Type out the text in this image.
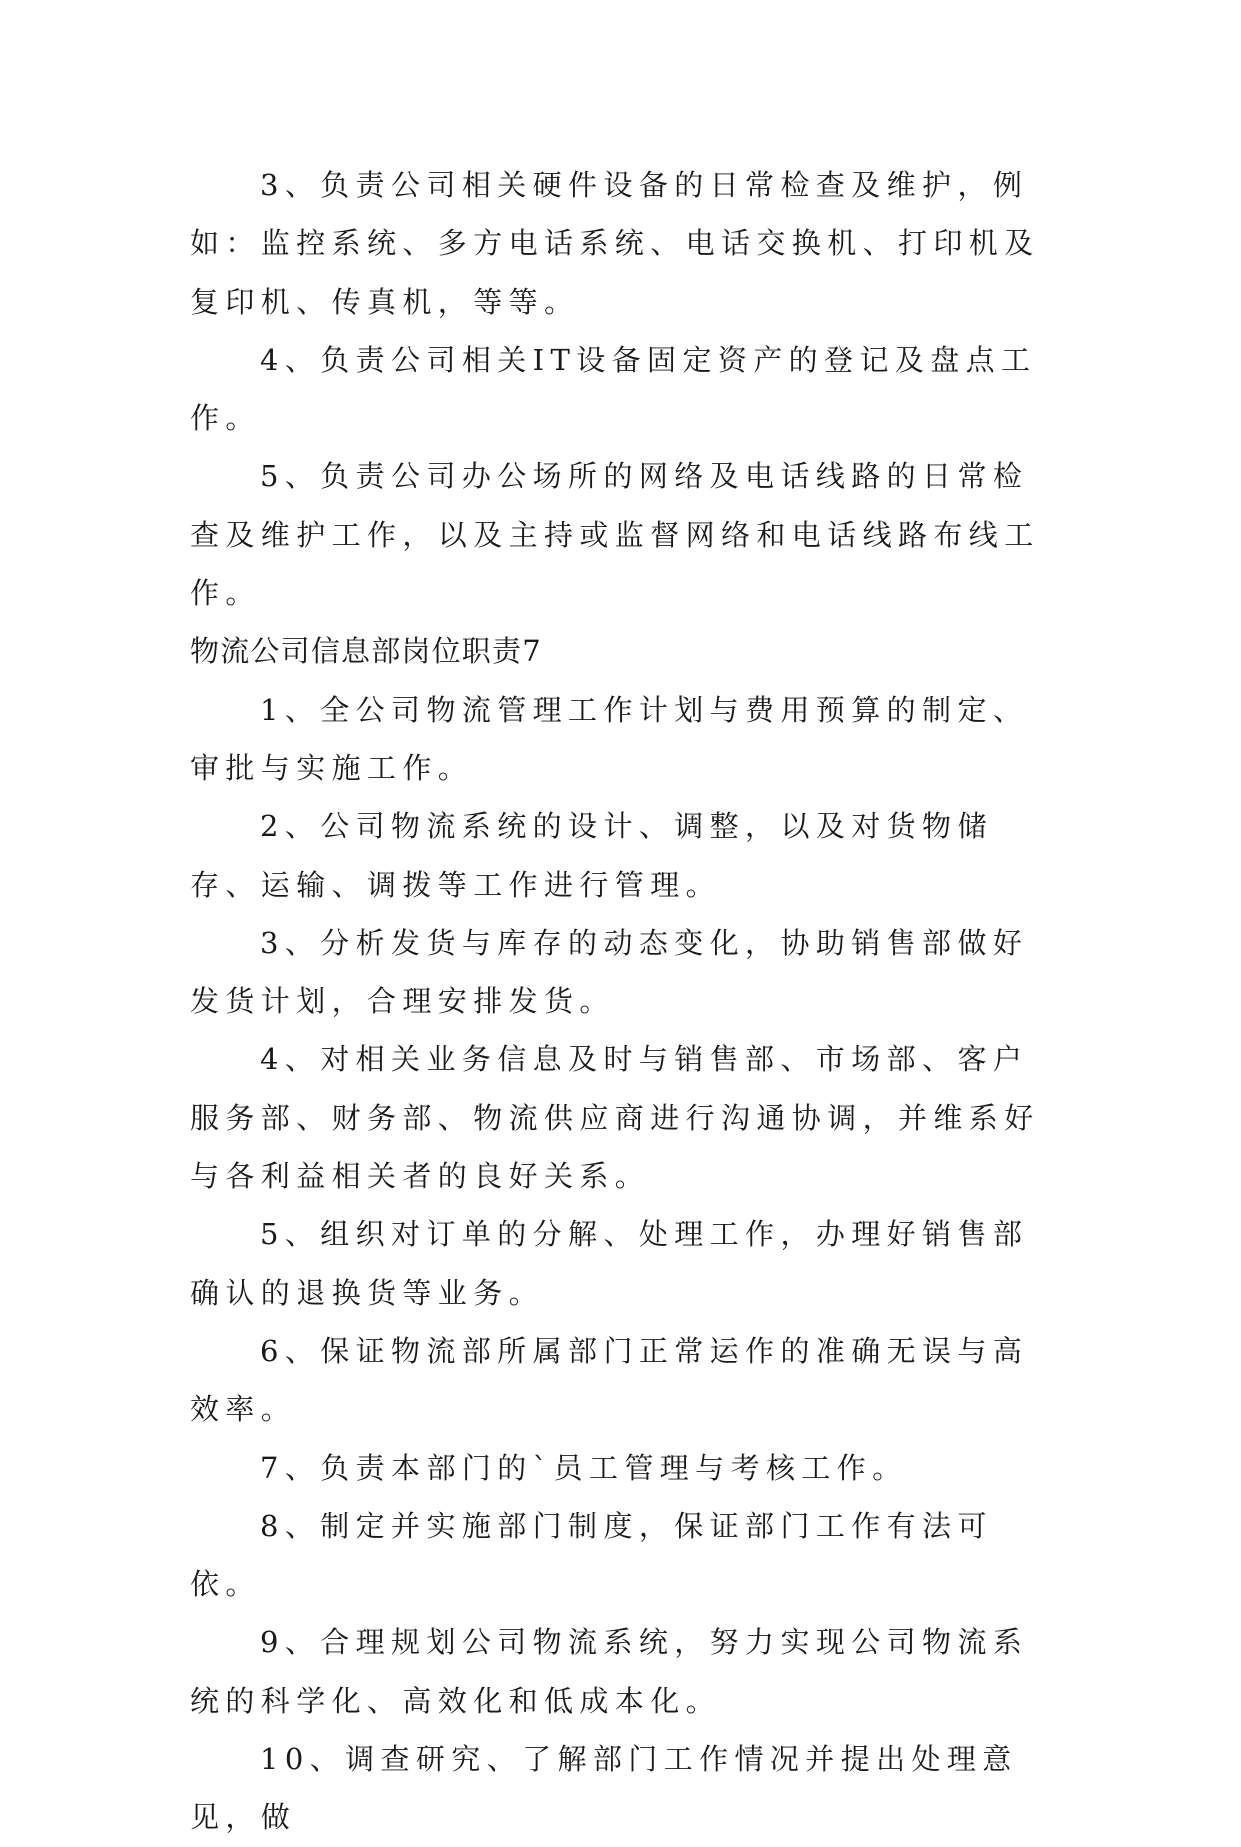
3、负责公司相关硬件设备的日常检查及维护，例如：监控系统、多方电话系统、电话交换机、打印机及复印机、传真机，等等。

4、负责公司相关IT设备固定资产的登记及盘点工作。

5、负责公司办公场所的网络及电话线路的日常检查及维护工作，以及主持或监督网络和电话线路布线工作。

物流公司信息部岗位职责7

1、全公司物流管理工作计划与费用预算的制定、审批与实施工作。

2、公司物流系统的设计、调整，以及对货物储存、运输、调拨等工作进行管理。

3、分析发货与库存的动态变化，协助销售部做好发货计划，合理安排发货。

4、对相关业务信息及时与销售部、市场部、客户服务部、财务部、物流供应商进行沟通协调，并维系好与各利益相关者的良好关系。

5、组织对订单的分解、处理工作，办理好销售部确认的退换货等业务。

6、保证物流部所属部门正常运作的准确无误与高效率。

7、负责本部门的`员工管理与考核工作。

8、制定并实施部门制度，保证部门工作有法可依。

9、合理规划公司物流系统，努力实现公司物流系统的科学化、高效化和低成本化。

10、调查研究、了解部门工作情况并提出处理意见，做
